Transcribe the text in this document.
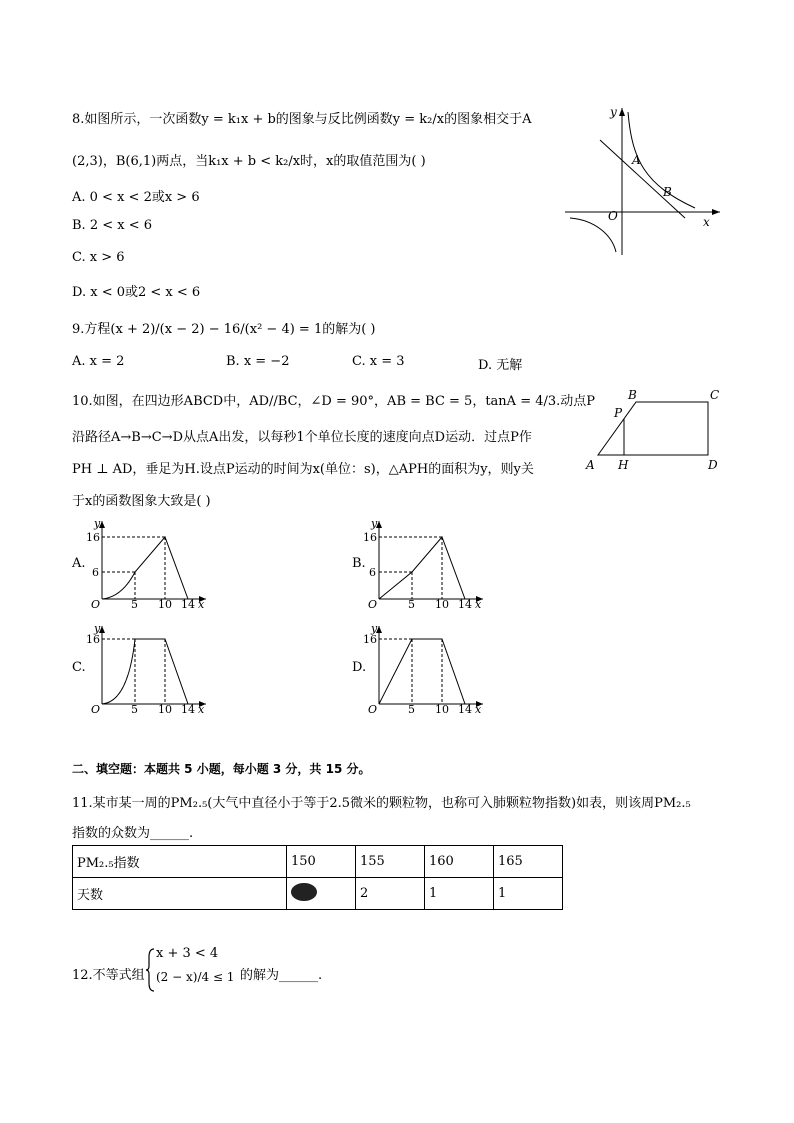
8.如图所示，一次函数y = k₁x + b的图象与反比例函数y = k₂/x的图象相交于A
(2,3)，B(6,1)两点，当k₁x + b < k₂/x时，x的取值范围为( )
A. 0 < x < 2或x > 6
B. 2 < x < 6
C. x > 6
D. x < 0或2 < x < 6
y
x
O
A
B
9.方程(x + 2)/(x − 2) − 16/(x² − 4) = 1的解为( )
A. x = 2	B. x = −2	C. x = 3	D. 无解
10.如图，在四边形ABCD中，AD//BC，∠D = 90°，AB = BC = 5，tanA = 4/3.动点P
沿路径A→B→C→D从点A出发，以每秒1个单位长度的速度向点D运动．过点P作
PH ⊥ AD，垂足为H.设点P运动的时间为x(单位：s)，△APH的面积为y，则y关
于x的函数图象大致是( )
A
B	C
D
P
H
A.
y
x
O
16
6
5 10 14
B.
y
x
O
16
6
5 10 14
C.
y
x
O
16
5 10 14
D.
y
x
O
16
5 10 14
二、填空题：本题共 5 小题，每小题 3 分，共 15 分。
11.某市某一周的PM₂.₅(大气中直径小于等于2.5微米的颗粒物，也称可入肺颗粒物指数)如表，则该周PM₂.₅
指数的众数为______.
PM₂.₅指数	150	155	160	165
天数		2	1	1
12.不等式组
x + 3 < 4
(2 − x)/4 ≤ 1 的解为______.
